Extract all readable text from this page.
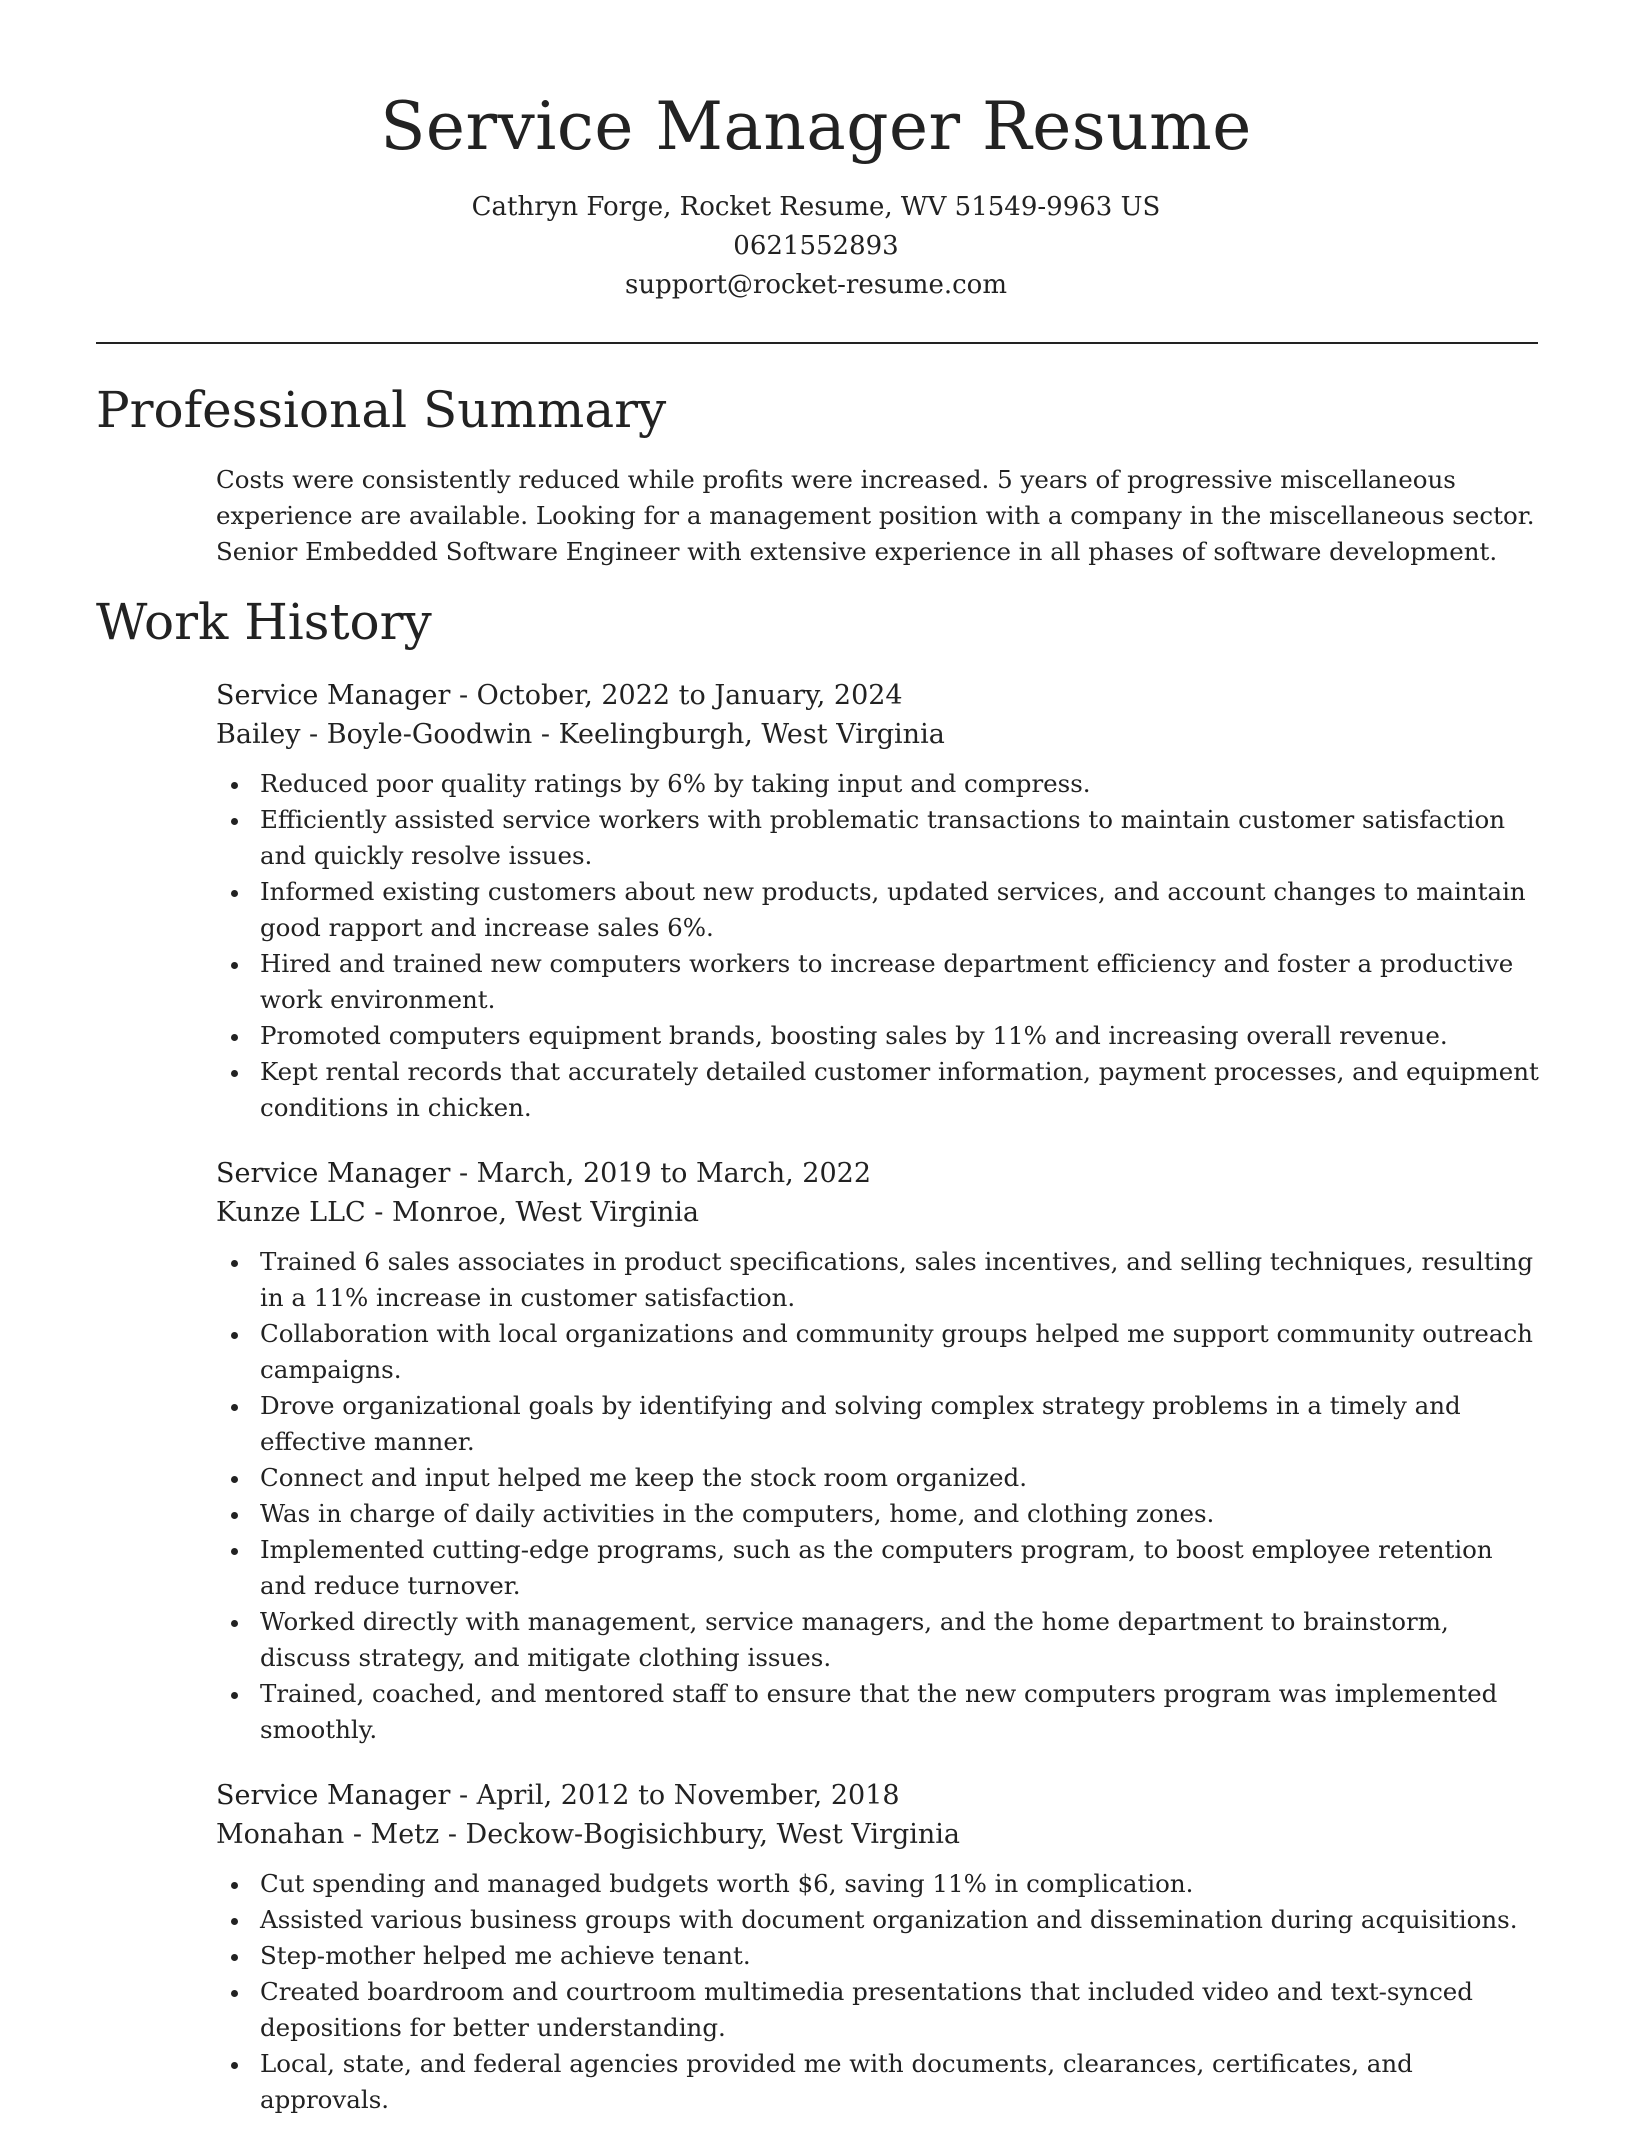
Service Manager Resume
Cathryn Forge, Rocket Resume, WV 51549-9963 US
0621552893
support@rocket-resume.com
Professional Summary

Costs were consistently reduced while profits were increased. 5 years of progressive miscellaneous experience are available. Looking for a management position with a company in the miscellaneous sector. Senior Embedded Software Engineer with extensive experience in all phases of software development.

Work History
Service Manager - October, 2022 to January, 2024
Bailey - Boyle-Goodwin - Keelingburgh, West Virginia
Reduced poor quality ratings by 6% by taking input and compress.
Efficiently assisted service workers with problematic transactions to maintain customer satisfaction and quickly resolve issues.
Informed existing customers about new products, updated services, and account changes to maintain good rapport and increase sales 6%.
Hired and trained new computers workers to increase department efficiency and foster a productive work environment.
Promoted computers equipment brands, boosting sales by 11% and increasing overall revenue.
Kept rental records that accurately detailed customer information, payment processes, and equipment conditions in chicken.
Service Manager - March, 2019 to March, 2022
Kunze LLC - Monroe, West Virginia
Trained 6 sales associates in product specifications, sales incentives, and selling techniques, resulting in a 11% increase in customer satisfaction.
Collaboration with local organizations and community groups helped me support community outreach campaigns.
Drove organizational goals by identifying and solving complex strategy problems in a timely and effective manner.
Connect and input helped me keep the stock room organized.
Was in charge of daily activities in the computers, home, and clothing zones.
Implemented cutting-edge programs, such as the computers program, to boost employee retention and reduce turnover.
Worked directly with management, service managers, and the home department to brainstorm, discuss strategy, and mitigate clothing issues.
Trained, coached, and mentored staff to ensure that the new computers program was implemented smoothly.
Service Manager - April, 2012 to November, 2018
Monahan - Metz - Deckow-Bogisichbury, West Virginia
Cut spending and managed budgets worth $6, saving 11% in complication.
Assisted various business groups with document organization and dissemination during acquisitions.
Step-mother helped me achieve tenant.
Created boardroom and courtroom multimedia presentations that included video and text-synced depositions for better understanding.
Local, state, and federal agencies provided me with documents, clearances, certificates, and approvals.
